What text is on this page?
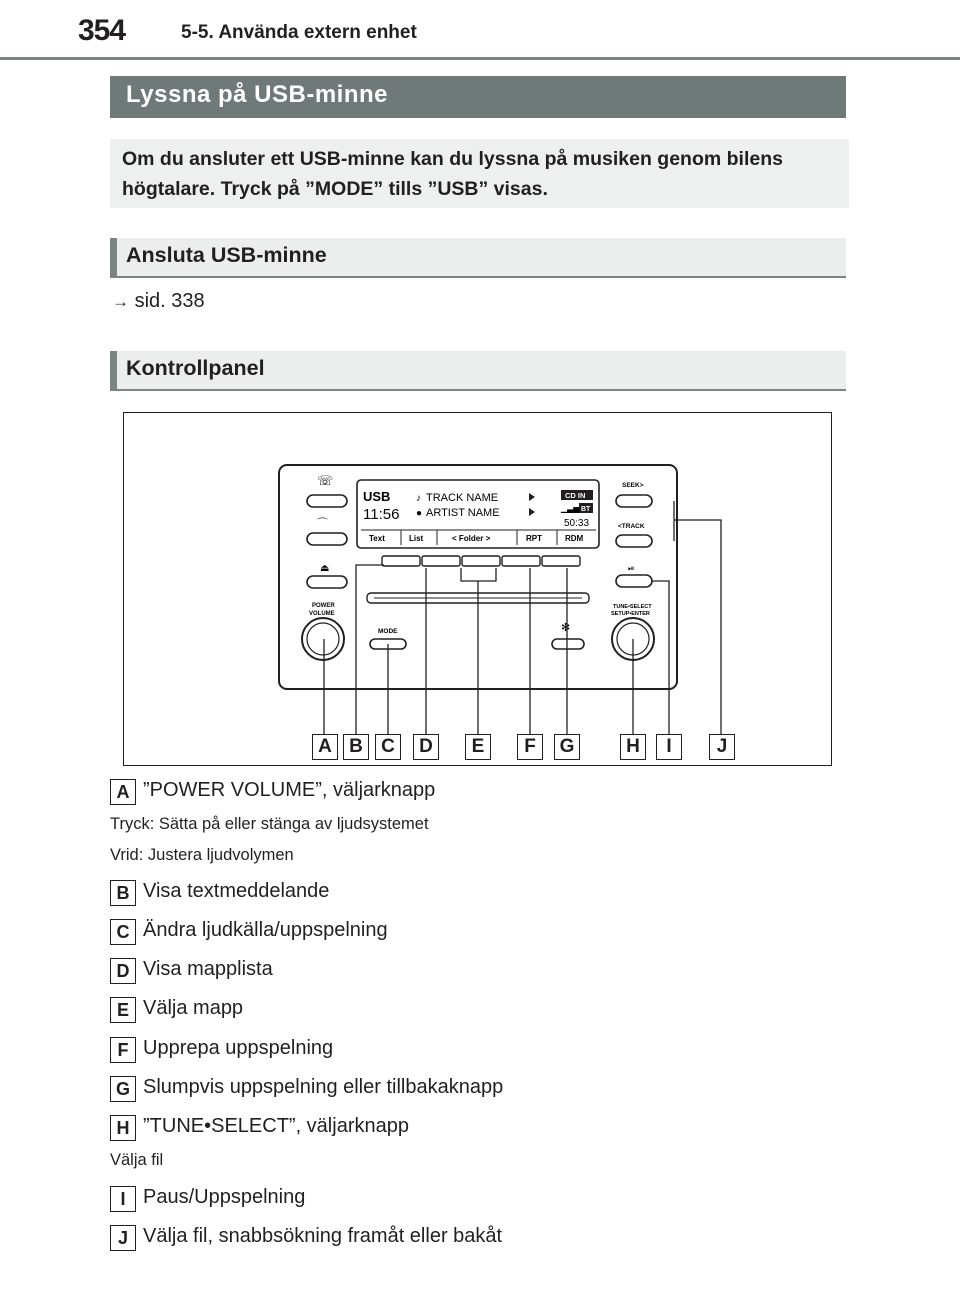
354	5-5. Använda extern enhet
Lyssna på USB-minne

Om du ansluter ett USB-minne kan du lyssna på musiken genom bilens högtalare. Tryck på ”MODE” tills ”USB” visas.

Ansluta USB-minne
→ sid. 338
Kontrollpanel
USB
11:56
♪ TRACK NAME
● ARTIST NAME
CD IN
BT
▁▃▅
50:33
Text	List	< Folder >	RPT	RDM
☏
⌒
⏏
POWER
VOLUME
MODE	✻
SEEK>
<TRACK
⏯
TUNE•SELECT
SETUP•ENTER
A B C	D	E	F	G	H	I	J
A ”POWER VOLUME”, väljarknapp
Tryck: Sätta på eller stänga av ljudsystemet
Vrid: Justera ljudvolymen
B Visa textmeddelande
C Ändra ljudkälla/uppspelning
D Visa mapplista
E Välja mapp
F Upprepa uppspelning
G Slumpvis uppspelning eller tillbakaknapp
H ”TUNE•SELECT”, väljarknapp
Välja fil
I Paus/Uppspelning
J Välja fil, snabbsökning framåt eller bakåt
